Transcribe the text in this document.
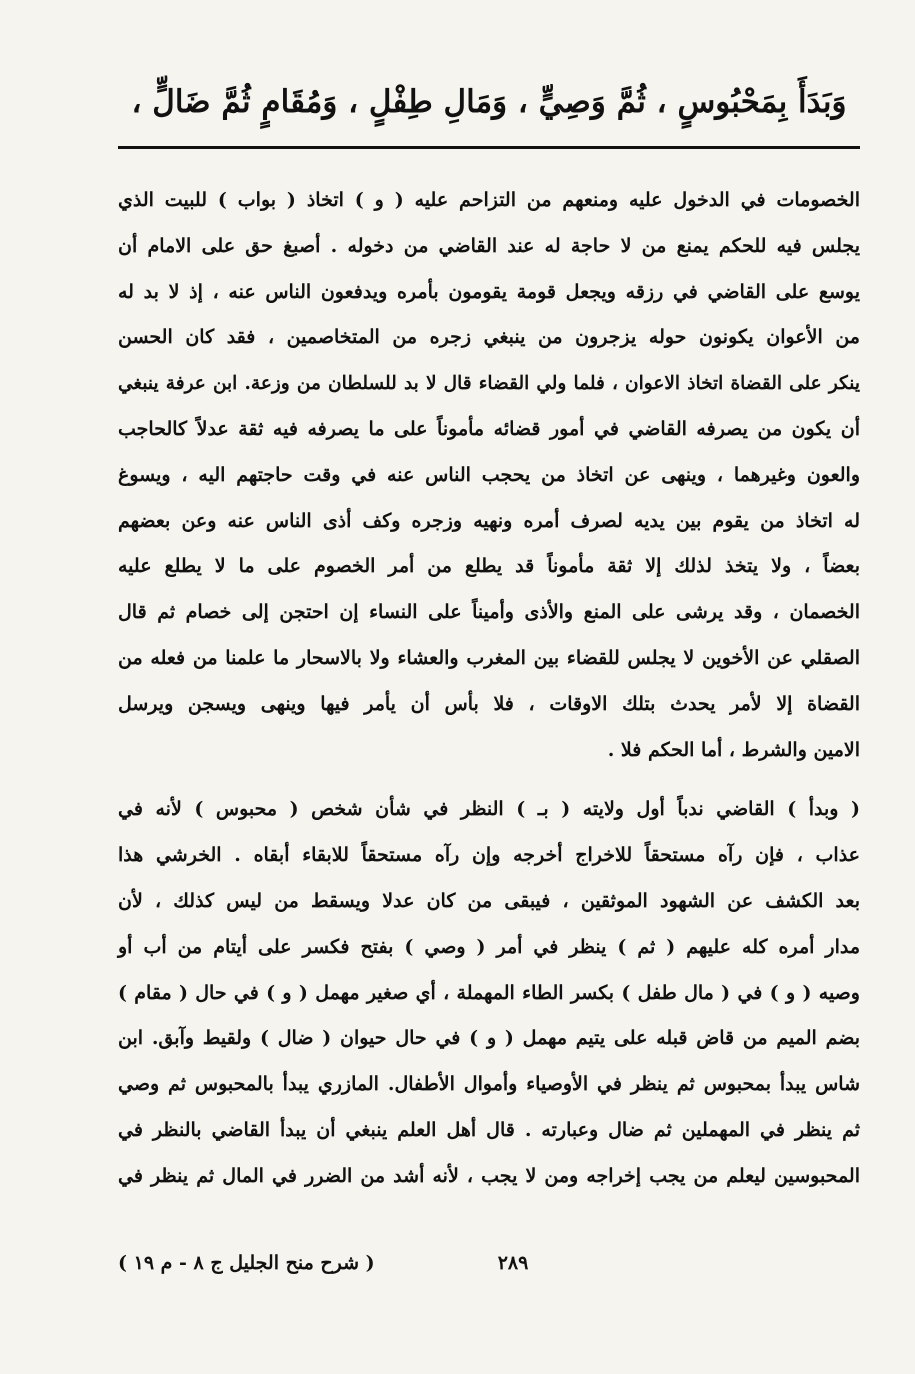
وَبَدَأَ بِمَحْبُوسٍ ، ثُمَّ وَصِيٍّ ، وَمَالِ طِفْلٍ ، وَمُقَامٍ ثُمَّ ضَالٍّ ،
الخصومات في الدخول عليه ومنعهم من التزاحم عليه ( و ) اتخاذ ( بواب ) للبيت الذي
يجلس فيه للحكم يمنع من لا حاجة له عند القاضي من دخوله . أصبغ حق على الامام أن
يوسع على القاضي في رزقه ويجعل قومة يقومون بأمره ويدفعون الناس عنه ، إذ لا بد له
من الأعوان يكونون حوله يزجرون من ينبغي زجره من المتخاصمين ، فقد كان الحسن
ينكر على القضاة اتخاذ الاعوان ، فلما ولي القضاء قال لا بد للسلطان من وزعة. ابن عرفة ينبغي
أن يكون من يصرفه القاضي في أمور قضائه مأموناً على ما يصرفه فيه ثقة عدلاً كالحاجب
والعون وغيرهما ، وينهى عن اتخاذ من يحجب الناس عنه في وقت حاجتهم اليه ، ويسوغ
له اتخاذ من يقوم بين يديه لصرف أمره ونهيه وزجره وكف أذى الناس عنه وعن بعضهم
بعضاً ، ولا يتخذ لذلك إلا ثقة مأموناً قد يطلع من أمر الخصوم على ما لا يطلع عليه
الخصمان ، وقد يرشى على المنع والأذى وأميناً على النساء إن احتجن إلى خصام ثم قال
الصقلي عن الأخوين لا يجلس للقضاء بين المغرب والعشاء ولا بالاسحار ما علمنا من فعله من
القضاة إلا لأمر يحدث بتلك الاوقات ، فلا بأس أن يأمر فيها وينهى ويسجن ويرسل
الامين والشرط ، أما الحكم فلا .
( وبدأ ) القاضي ندباً أول ولايته ( بـ ) النظر في شأن شخص ( محبوس ) لأنه في
عذاب ، فإن رآه مستحقاً للاخراج أخرجه وإن رآه مستحقاً للابقاء أبقاه . الخرشي هذا
بعد الكشف عن الشهود الموثقين ، فيبقى من كان عدلا ويسقط من ليس كذلك ، لأن
مدار أمره كله عليهم ( ثم ) ينظر في أمر ( وصي ) بفتح فكسر على أيتام من أب أو
وصيه ( و ) في ( مال طفل ) بكسر الطاء المهملة ، أي صغير مهمل ( و ) في حال ( مقام )
بضم الميم من قاض قبله على يتيم مهمل ( و ) في حال حيوان ( ضال ) ولقيط وآبق. ابن
شاس يبدأ بمحبوس ثم ينظر في الأوصياء وأموال الأطفال. المازري يبدأ بالمحبوس ثم وصي
ثم ينظر في المهملين ثم ضال وعبارته . قال أهل العلم ينبغي أن يبدأ القاضي بالنظر في
المحبوسين ليعلم من يجب إخراجه ومن لا يجب ، لأنه أشد من الضرر في المال ثم ينظر في
٢٨٩
( شرح منح الجليل ج ٨ - م ١٩ )
